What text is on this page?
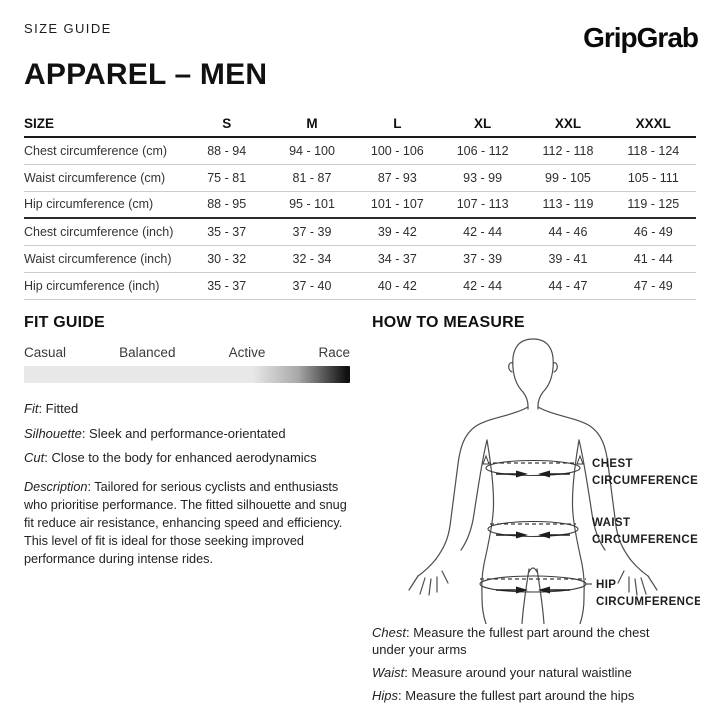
SIZE GUIDE	GripGrab
APPAREL – MEN
SIZE	S	M	L	XL	XXL	XXXL
Chest circumference (cm)	88 - 94	94 - 100	100 - 106	106 - 112	112 - 118	118 - 124
Waist circumference (cm)	75 - 81	81 - 87	87 - 93	93 - 99	99 - 105	105 - 111
Hip circumference (cm)	88 - 95	95 - 101	101 - 107	107 - 113	113 - 119	119 - 125
Chest circumference (inch)	35 - 37	37 - 39	39 - 42	42 - 44	44 - 46	46 - 49
Waist circumference (inch)	30 - 32	32 - 34	34 - 37	37 - 39	39 - 41	41 - 44
Hip circumference (inch)	35 - 37	37 - 40	40 - 42	42 - 44	44 - 47	47 - 49
FIT GUIDE
Casual	Balanced	Active	Race
Fit: Fitted
Silhouette: Sleek and performance-orientated
Cut: Close to the body for enhanced aerodynamics

Description: Tailored for serious cyclists and enthusiasts who prioritise performance. The fitted silhouette and snug fit reduce air resistance, enhancing speed and efficiency. This level of fit is ideal for those seeking improved performance during intense rides.

HOW TO MEASURE
CHEST
CIRCUMFERENCE
WAIST
CIRCUMFERENCE
HIP
CIRCUMFERENCE

Chest: Measure the fullest part around the chest under your arms

Waist: Measure around your natural waistline

Hips: Measure the fullest part around the hips
